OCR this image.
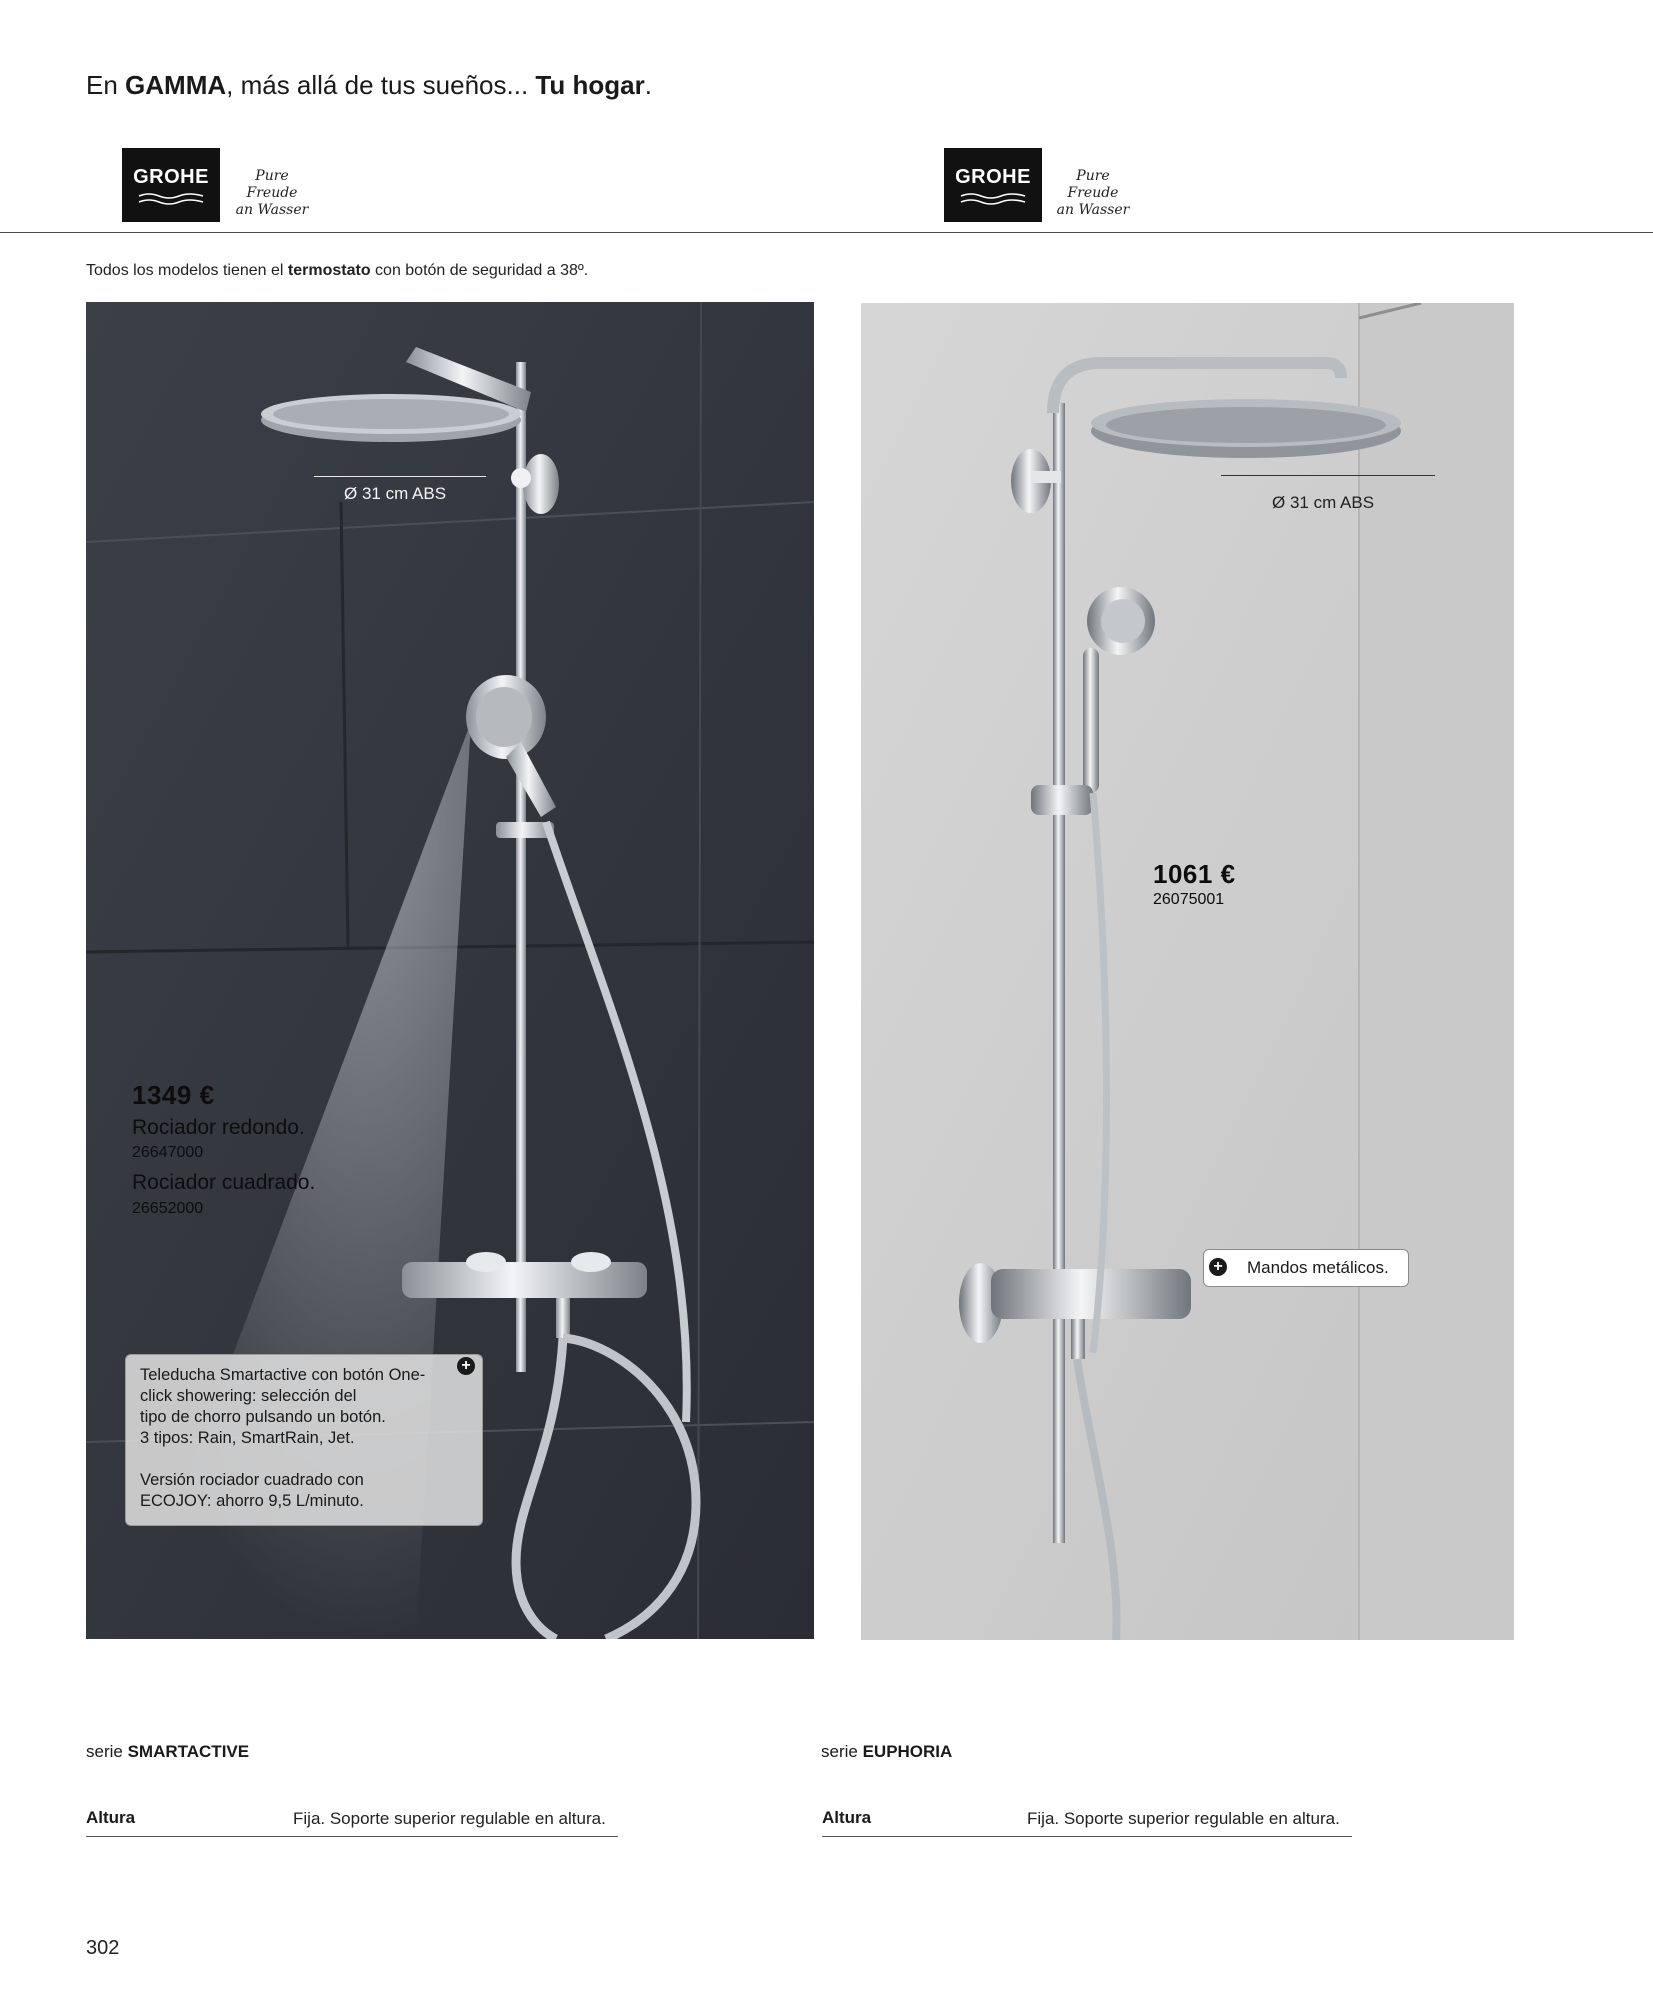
En GAMMA, más allá de tus sueños... Tu hogar.
GROHE	Pure Freude
an Wasser
GROHE	Pure Freude
an Wasser
Todos los modelos tienen el termostato con botón de seguridad a 38º.
Ø 31 cm ABS
1349 €
Rociador redondo.
26647000
Rociador cuadrado.
26652000
Teleducha Smartactive con botón One-
click showering: selección del
tipo de chorro pulsando un botón.
3 tipos: Rain, SmartRain, Jet.
Versión rociador cuadrado con
ECOJOY: ahorro 9,5 L/minuto.
+
Ø 31 cm ABS
1061 €
26075001
Mandos metálicos.
+
serie SMARTACTIVE
Altura	Fija. Soporte superior regulable en altura.
serie EUPHORIA
Altura	Fija. Soporte superior regulable en altura.
302
